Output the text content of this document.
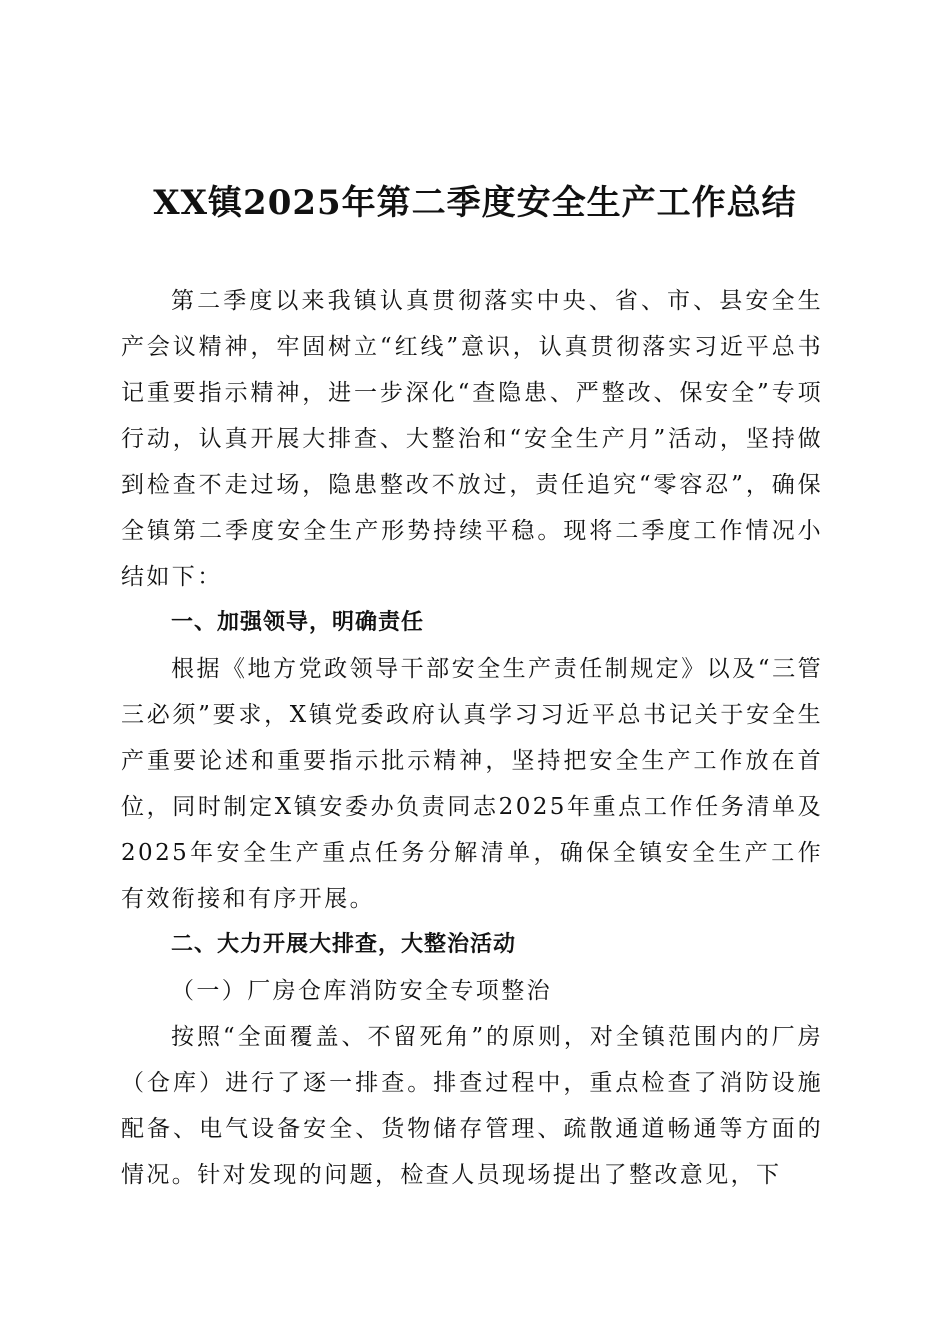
XX镇2025年第二季度安全生产工作总结

第二季度以来我镇认真贯彻落实中央、省、市、县安全生产会议精神，牢固树立“红线”意识，认真贯彻落实习近平总书记重要指示精神，进一步深化“查隐患、严整改、保安全”专项行动，认真开展大排查、大整治和“安全生产月”活动，坚持做到检查不走过场，隐患整改不放过，责任追究“零容忍”，确保全镇第二季度安全生产形势持续平稳。现将二季度工作情况小结如下：

一、加强领导，明确责任

根据《地方党政领导干部安全生产责任制规定》以及“三管三必须”要求，X镇党委政府认真学习习近平总书记关于安全生产重要论述和重要指示批示精神，坚持把安全生产工作放在首位，同时制定X镇安委办负责同志2025年重点工作任务清单及2025年安全生产重点任务分解清单，确保全镇安全生产工作有效衔接和有序开展。

二、大力开展大排查，大整治活动

（一）厂房仓库消防安全专项整治

按照“全面覆盖、不留死角”的原则，对全镇范围内的厂房（仓库）进行了逐一排查。排查过程中，重点检查了消防设施配备、电气设备安全、货物储存管理、疏散通道畅通等方面的情况。针对发现的问题，检查人员现场提出了整改意见，下
